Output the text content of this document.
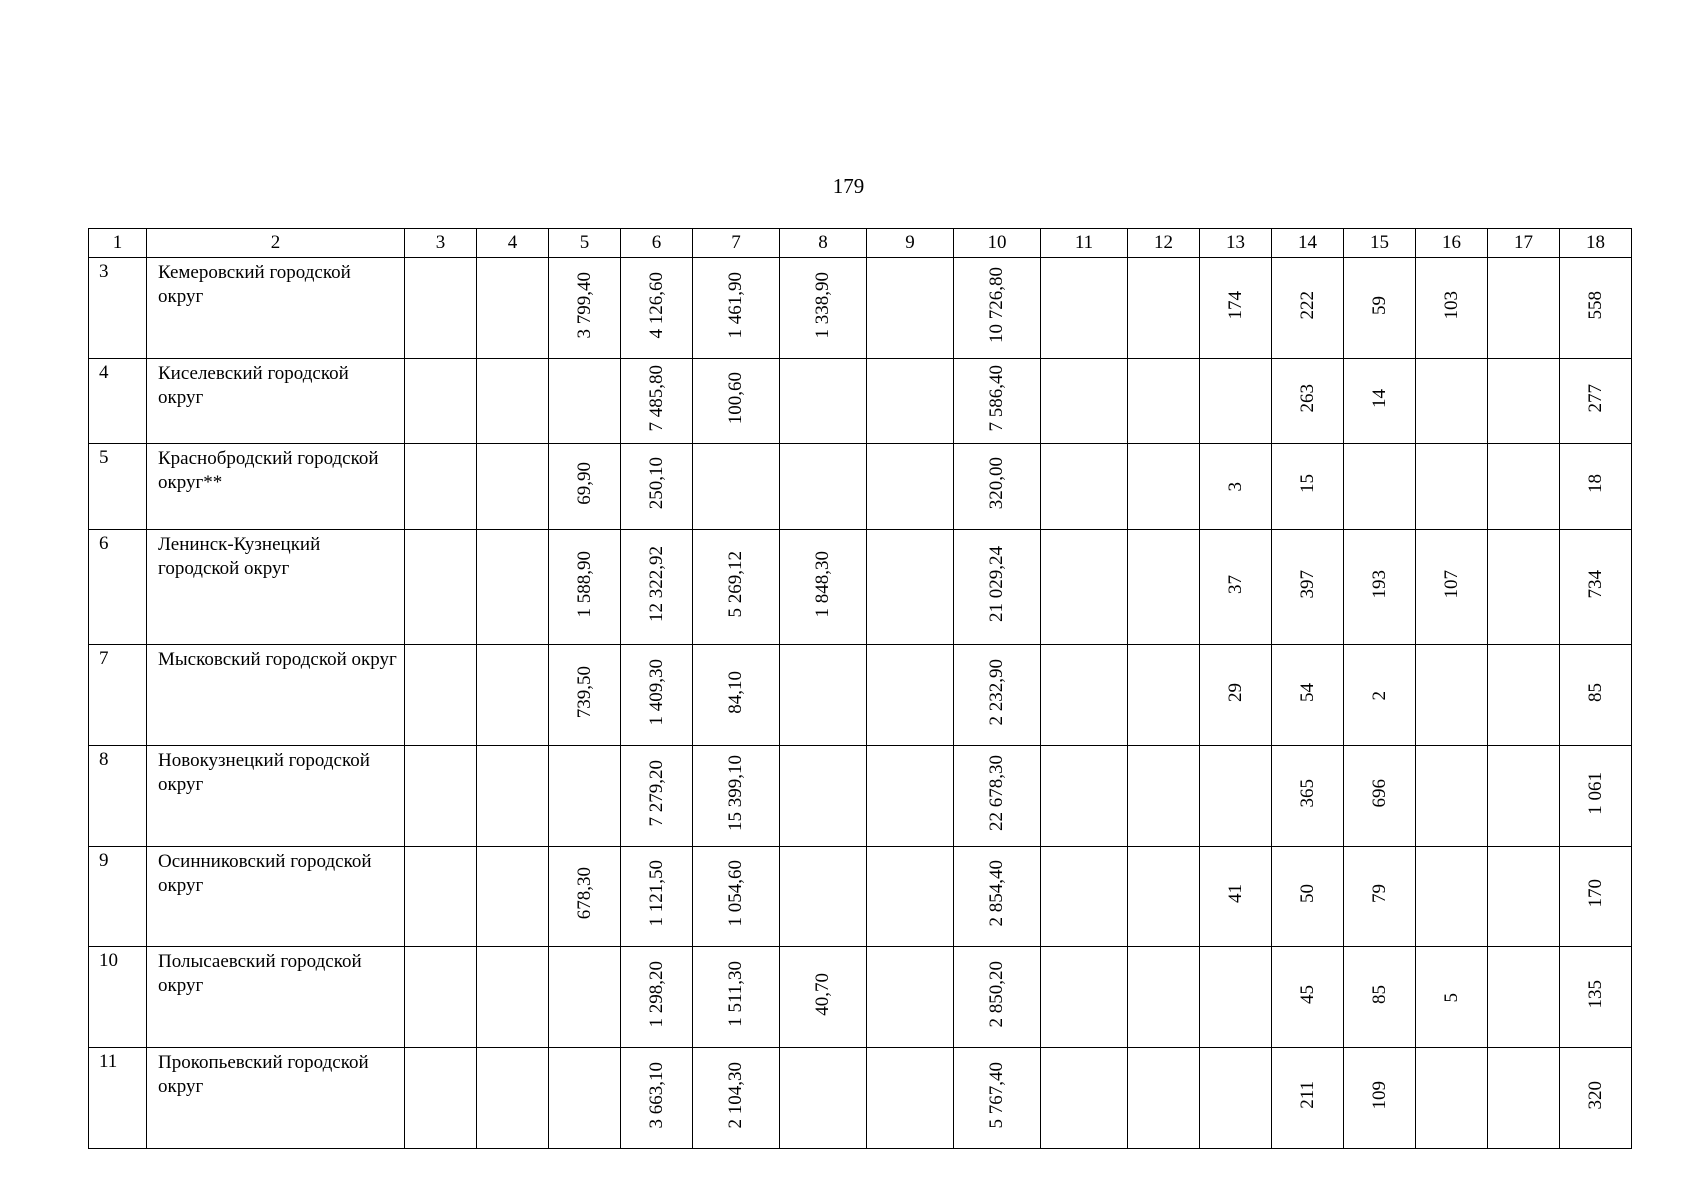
179
1	2	3	4	5	6	7	8	9	10	11	12	13	14	15	16	17	18
3	Кемеровский городской округ			3 799,40	4 126,60	1 461,90	1 338,90		10 726,80			174	222	59	103		558
4	Киселевский городской округ				7 485,80	100,60			7 586,40				263	14			277
5	Краснобродский городской округ**			69,90	250,10				320,00			3	15				18
6	Ленинск-Кузнецкий городской округ			1 588,90	12 322,92	5 269,12	1 848,30		21 029,24			37	397	193	107		734
7	Мысковский городской округ			739,50	1 409,30	84,10			2 232,90			29	54	2			85
8	Новокузнецкий городской округ				7 279,20	15 399,10			22 678,30				365	696			1 061
9	Осинниковский городской округ			678,30	1 121,50	1 054,60			2 854,40			41	50	79			170
10	Полысаевский городской округ				1 298,20	1 511,30	40,70		2 850,20				45	85	5		135
11	Прокопьевский городской округ				3 663,10	2 104,30			5 767,40				211	109			320
